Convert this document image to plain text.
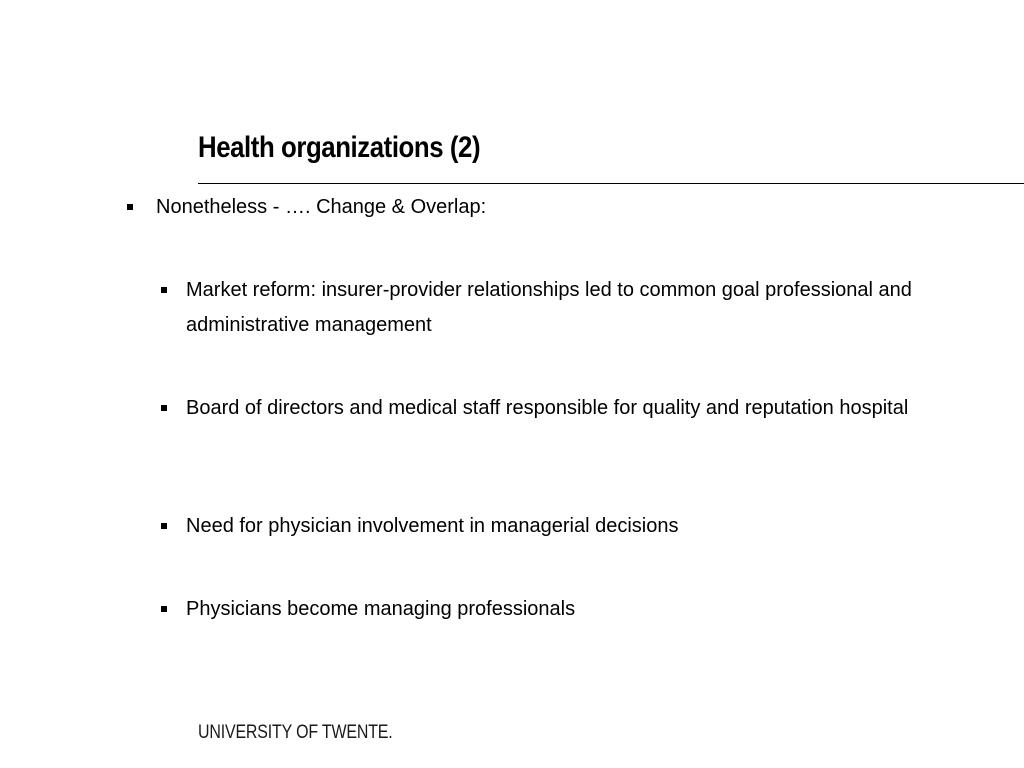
Health organizations (2)
Nonetheless - …. Change & Overlap:
Market reform: insurer-provider relationships led to common goal professional and administrative management
Board of directors and medical staff responsible for quality and reputation hospital
Need for physician involvement in managerial decisions
Physicians become managing professionals
UNIVERSITY OF TWENTE.
